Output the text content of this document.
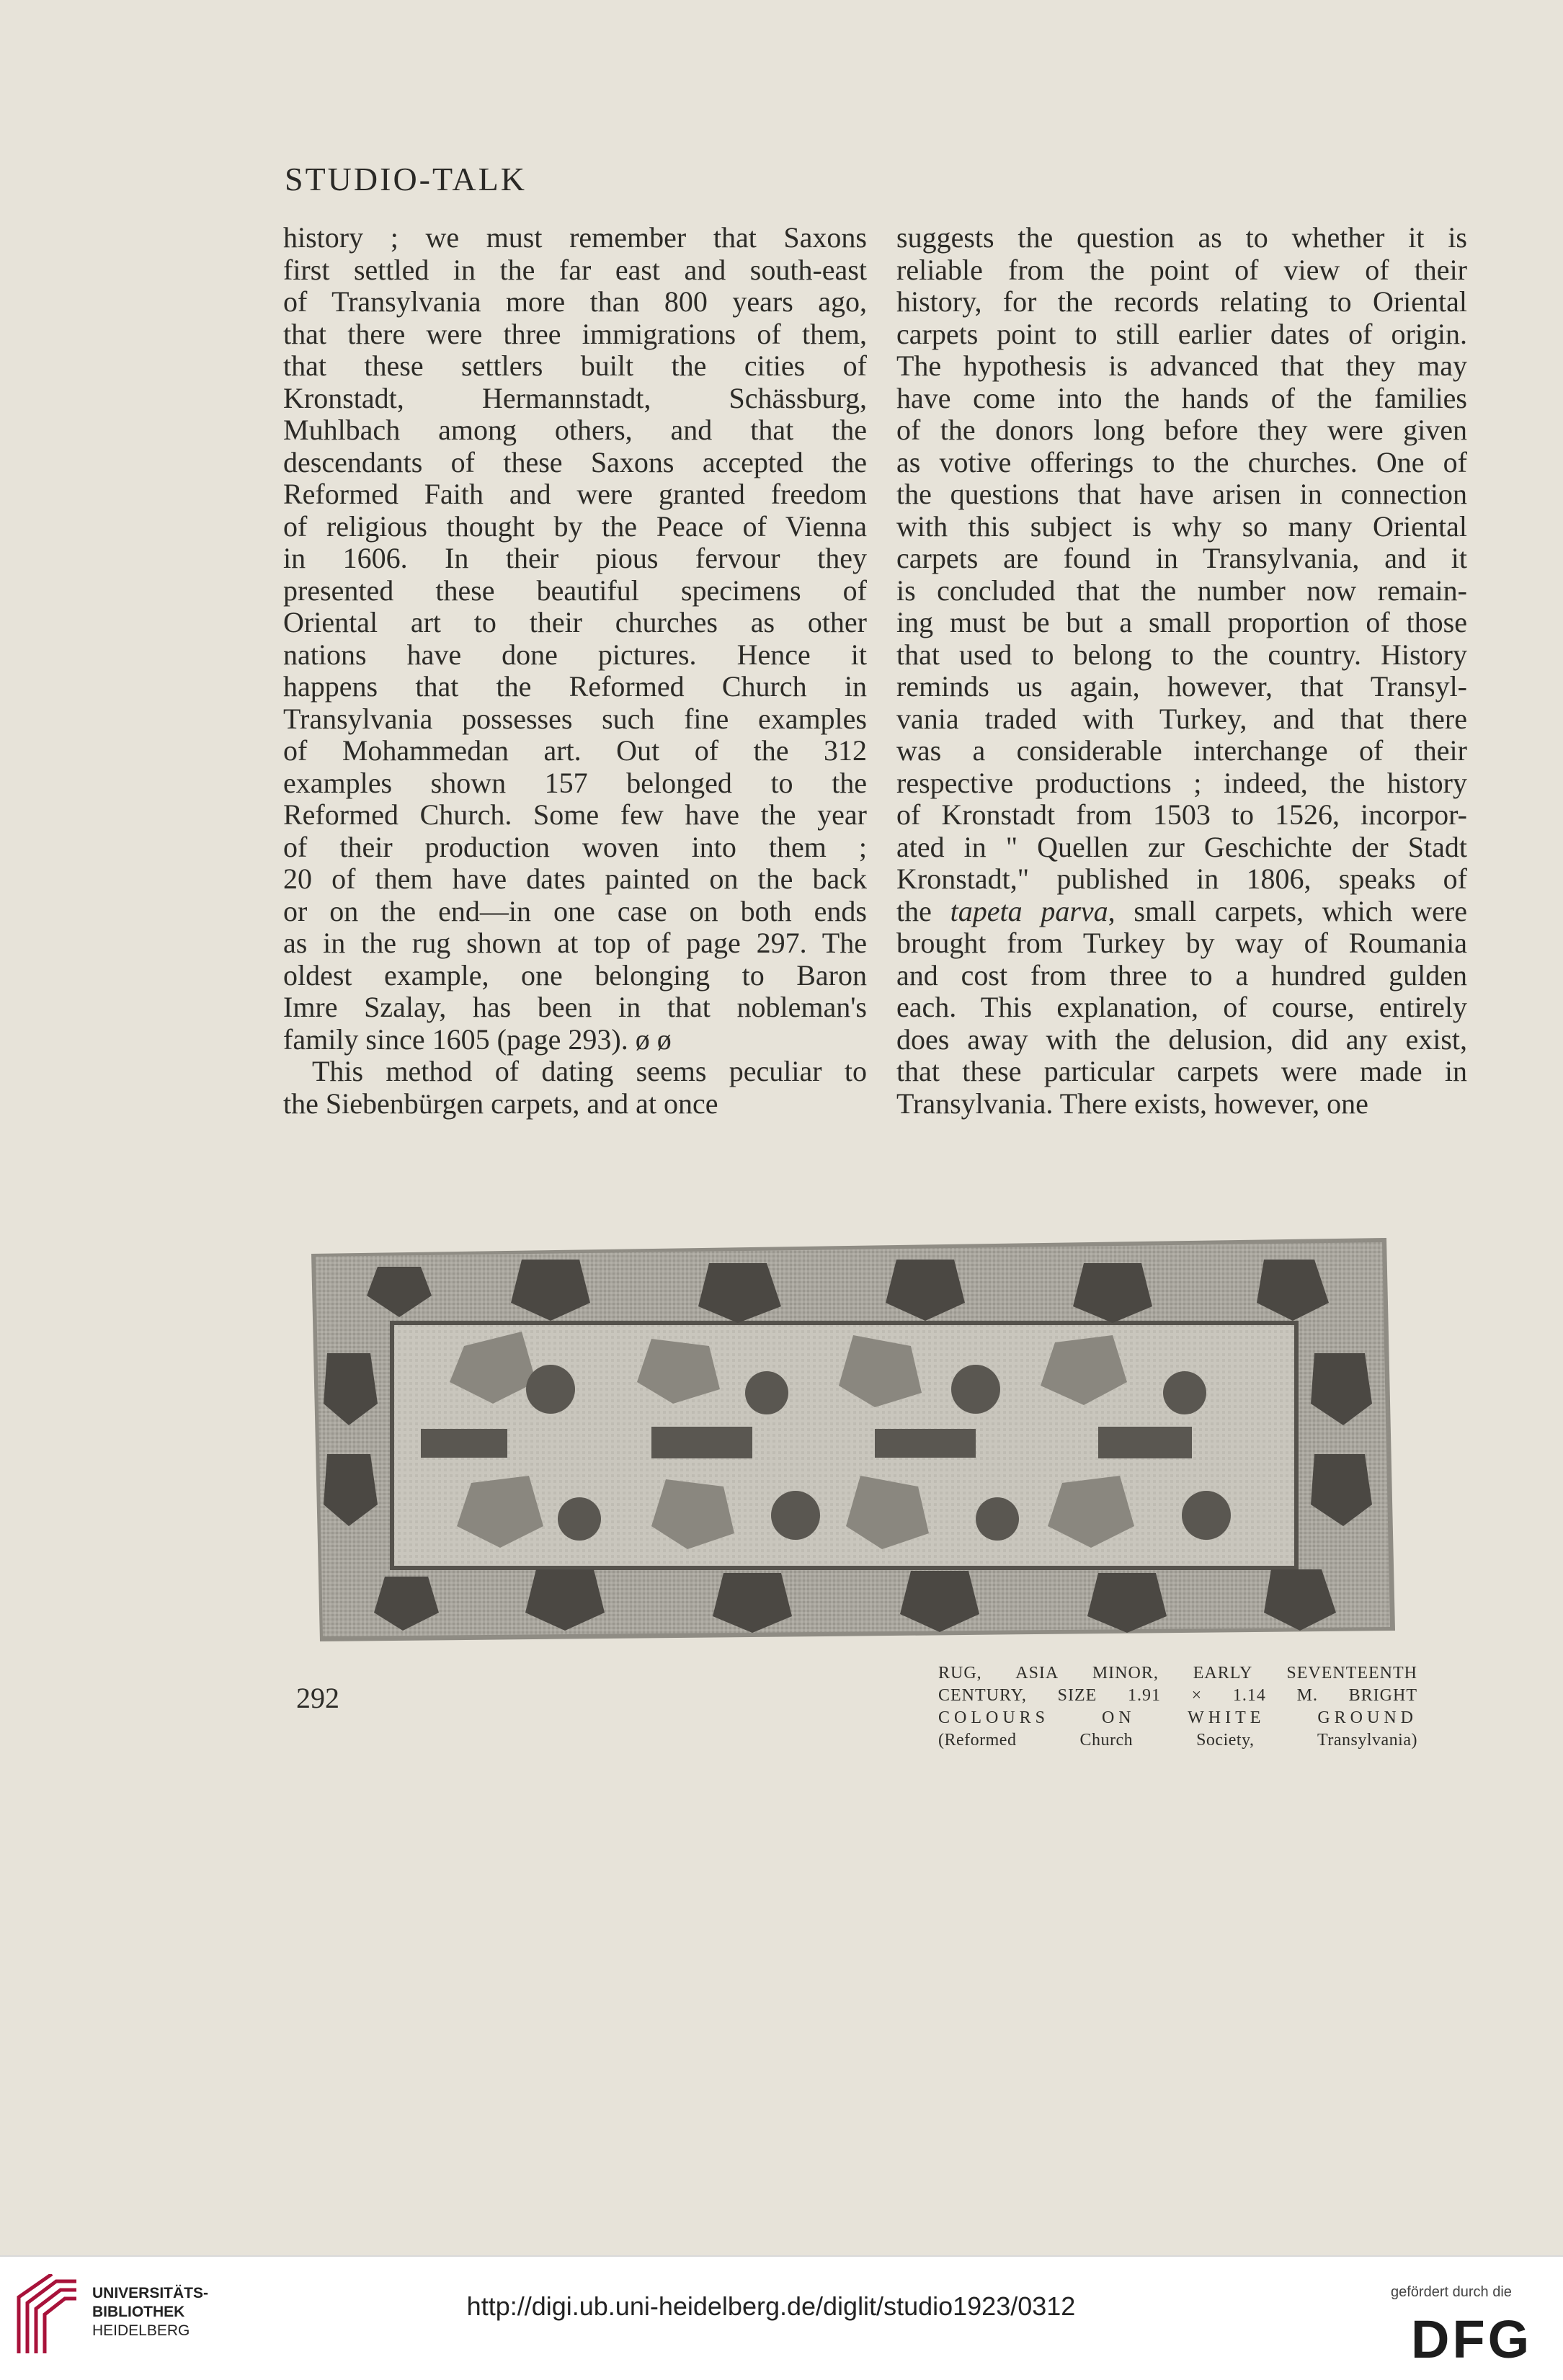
STUDIO-TALK
history ; we must remember that Saxons
first settled in the far east and south-east
of Transylvania more than 800 years ago,
that there were three immigrations of them,
that these settlers built the cities of
Kronstadt, Hermannstadt, Schässburg,
Muhlbach among others, and that the
descendants of these Saxons accepted the
Reformed Faith and were granted freedom
of religious thought by the Peace of Vienna
in 1606. In their pious fervour they
presented these beautiful specimens of
Oriental art to their churches as other
nations have done pictures. Hence it
happens that the Reformed Church in
Transylvania possesses such fine examples
of Mohammedan art. Out of the 312
examples shown 157 belonged to the
Reformed Church. Some few have the year
of their production woven into them ;
20 of them have dates painted on the back
or on the end—in one case on both ends
as in the rug shown at top of page 297. The
oldest example, one belonging to Baron
Imre Szalay, has been in that nobleman's
family since 1605 (page 293). ø ø
This method of dating seems peculiar to
the Siebenbürgen carpets, and at once
suggests the question as to whether it is
reliable from the point of view of their
history, for the records relating to Oriental
carpets point to still earlier dates of origin.
The hypothesis is advanced that they may
have come into the hands of the families
of the donors long before they were given
as votive offerings to the churches. One of
the questions that have arisen in connection
with this subject is why so many Oriental
carpets are found in Transylvania, and it
is concluded that the number now remain-
ing must be but a small proportion of those
that used to belong to the country. History
reminds us again, however, that Transyl-
vania traded with Turkey, and that there
was a considerable interchange of their
respective productions ; indeed, the history
of Kronstadt from 1503 to 1526, incorpor-
ated in " Quellen zur Geschichte der Stadt
Kronstadt," published in 1806, speaks of
the tapeta parva, small carpets, which were
brought from Turkey by way of Roumania
and cost from three to a hundred gulden
each. This explanation, of course, entirely
does away with the delusion, did any exist,
that these particular carpets were made in
Transylvania. There exists, however, one
RUG, ASIA MINOR, EARLY SEVENTEENTH
CENTURY, SIZE 1.91 × 1.14 M. BRIGHT
COLOURS ON WHITE GROUND
(Reformed Church Society, Transylvania)
292
UNIVERSITÄTS-
BIBLIOTHEK
HEIDELBERG
http://digi.ub.uni-heidelberg.de/diglit/studio1923/0312	gefördert durch die
DFG
